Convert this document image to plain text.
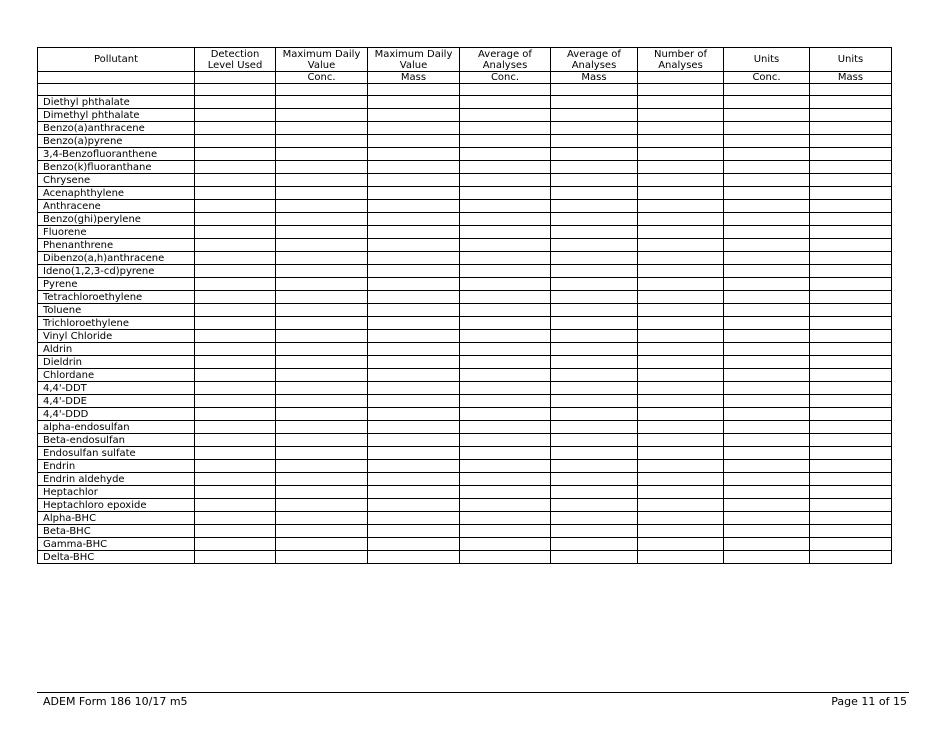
Pollutant	Detection Level Used	Maximum Daily Value	Maximum Daily Value	Average of Analyses	Average of Analyses	Number of Analyses	Units	Units
		Conc.	Mass	Conc.	Mass		Conc.	Mass

Diethyl phthalate								
Dimethyl phthalate								
Benzo(a)anthracene								
Benzo(a)pyrene								
3,4-Benzofluoranthene								
Benzo(k)fluoranthane								
Chrysene								
Acenaphthylene								
Anthracene								
Benzo(ghi)perylene								
Fluorene								
Phenanthrene								
Dibenzo(a,h)anthracene								
Ideno(1,2,3-cd)pyrene								
Pyrene								
Tetrachloroethylene								
Toluene								
Trichloroethylene								
Vinyl Chloride								
Aldrin								
Dieldrin								
Chlordane								
4,4'-DDT								
4,4'-DDE								
4,4'-DDD								
alpha-endosulfan								
Beta-endosulfan								
Endosulfan sulfate								
Endrin								
Endrin aldehyde								
Heptachlor								
Heptachloro epoxide								
Alpha-BHC								
Beta-BHC								
Gamma-BHC								
Delta-BHC								
ADEM Form 186 10/17 m5	Page 11 of 15
